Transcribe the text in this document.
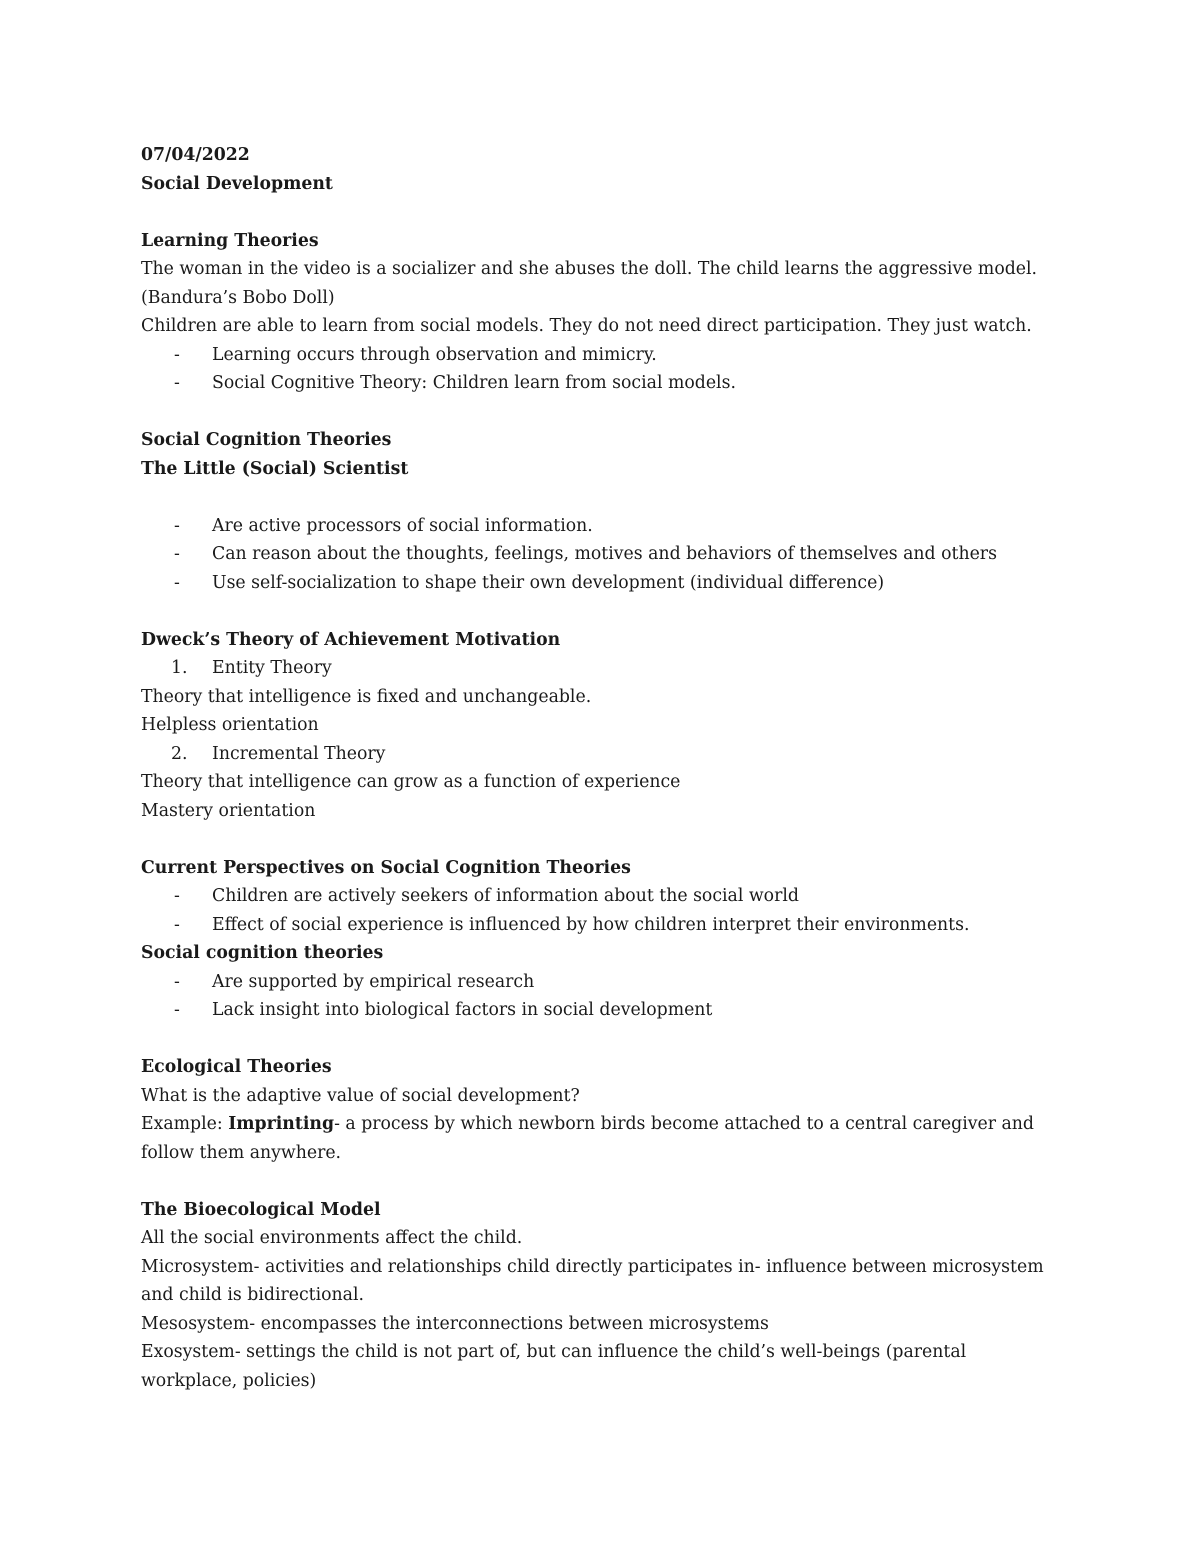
07/04/2022

Social Development

Learning Theories

The woman in the video is a socializer and she abuses the doll. The child learns the aggressive model.

(Bandura’s Bobo Doll)

Children are able to learn from social models. They do not need direct participation. They just watch.

- Learning occurs through observation and mimicry.
- Social Cognitive Theory: Children learn from social models.

Social Cognition Theories

The Little (Social) Scientist

- Are active processors of social information.
- Can reason about the thoughts, feelings, motives and behaviors of themselves and others
- Use self-socialization to shape their own development (individual difference)

Dweck’s Theory of Achievement Motivation

1. Entity Theory

Theory that intelligence is fixed and unchangeable.

Helpless orientation

2. Incremental Theory

Theory that intelligence can grow as a function of experience

Mastery orientation

Current Perspectives on Social Cognition Theories

- Children are actively seekers of information about the social world
- Effect of social experience is influenced by how children interpret their environments.

Social cognition theories

- Are supported by empirical research
- Lack insight into biological factors in social development

Ecological Theories

What is the adaptive value of social development?

Example: Imprinting- a process by which newborn birds become attached to a central caregiver and follow them anywhere.

The Bioecological Model

All the social environments affect the child.

Microsystem- activities and relationships child directly participates in- influence between microsystem and child is bidirectional.

Mesosystem- encompasses the interconnections between microsystems

Exosystem- settings the child is not part of, but can influence the child’s well-beings (parental workplace, policies)
